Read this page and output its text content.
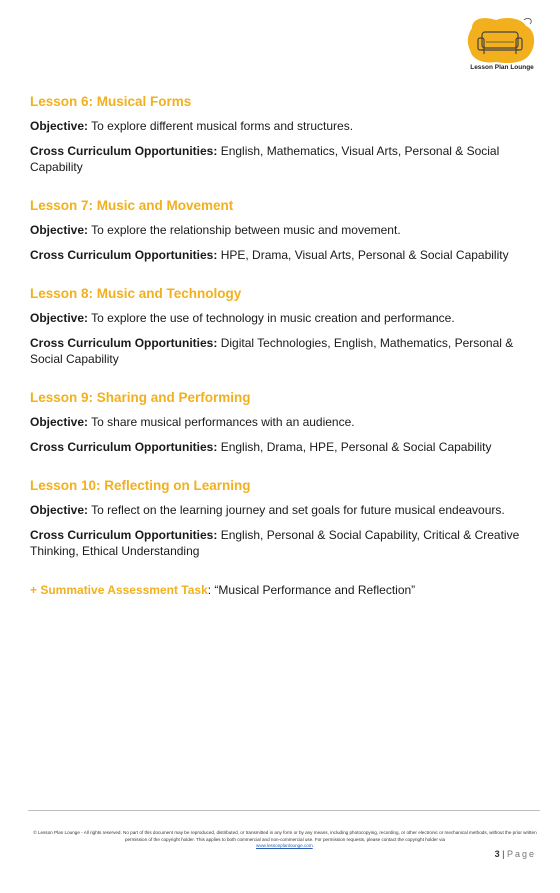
Lesson Plan Lounge
Lesson 6: Musical Forms

Objective: To explore different musical forms and structures.

Cross Curriculum Opportunities: English, Mathematics, Visual Arts, Personal & Social Capability

Lesson 7: Music and Movement

Objective: To explore the relationship between music and movement.

Cross Curriculum Opportunities: HPE, Drama, Visual Arts, Personal & Social Capability

Lesson 8: Music and Technology

Objective: To explore the use of technology in music creation and performance.

Cross Curriculum Opportunities: Digital Technologies, English, Mathematics, Personal & Social Capability

Lesson 9: Sharing and Performing

Objective: To share musical performances with an audience.

Cross Curriculum Opportunities: English, Drama, HPE, Personal & Social Capability

Lesson 10: Reflecting on Learning

Objective: To reflect on the learning journey and set goals for future musical endeavours.

Cross Curriculum Opportunities: English, Personal & Social Capability, Critical & Creative Thinking, Ethical Understanding

+ Summative Assessment Task: “Musical Performance and Reflection”
© Lesson Plan Lounge - All rights reserved. No part of this document may be reproduced, distributed, or transmitted in any form or by any means, including photocopying, recording, or other electronic or mechanical methods, without the prior written permission of the copyright holder. This applies to both commercial and non-commercial use. For permission requests, please contact the copyright holder via
www.lessonplanlounge.com.
3 | Page
